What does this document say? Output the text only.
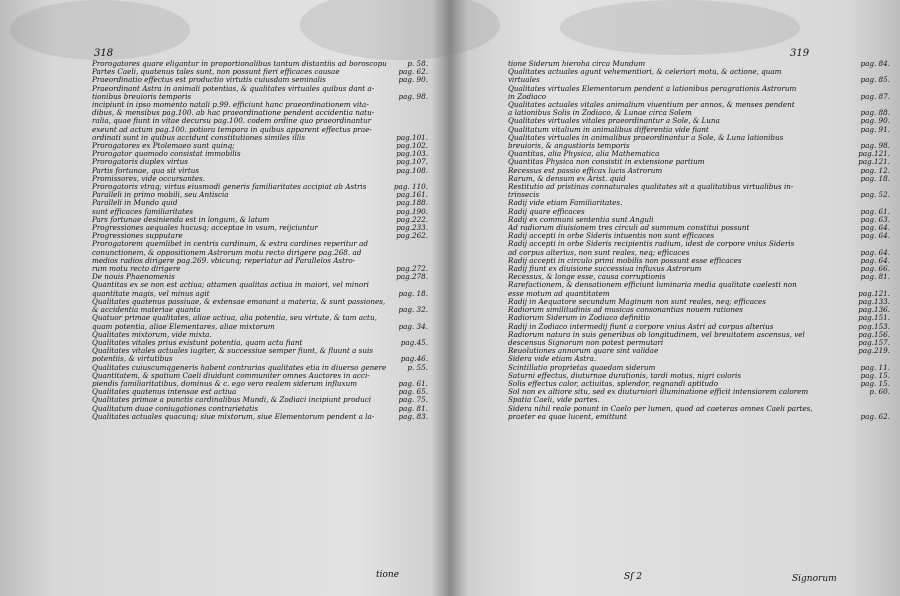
318
Prorogatores quare eligantur in proportionalibus tantum distantiis ad boroscopu	p. 58.
Partes Caeli, quatenus tales sunt, non possunt fieri efficaces causae	pag. 62.
Praeordinatio effectus est productio virtutis cuiusdam seminalis	pag. 90.
Praeordinant Astra in animali potentias, & qualitates virtuales quibus dant a-
tionibus breuioris temporis	pag. 98.
incipiunt in ipso momento natali p.99. efficiunt hanc praeordinationem vita-
dibus, & mensibus pag.100. ab hac praeordinatione pendent accidentia natu-
ralia, quae fiunt in vitae decursu pag.100. codem ordine quo praeordinantur
exeunt ad actum pag.100. potiora tempora in quibus apparent effectus prae-
ordinati sunt in quibus accidunt constitutiones similes illis	pag.101.
Prorogatores ex Ptolemaeo sunt quinq;	pag.102.
Prorogator quomodo consistat immobilis	pag.103.
Prorogatoris duplex virtus	pag.107.
Partis fortunae, qua sit virtus	pag.108.
Promissores, vide occursantes.
Prorogatoris vtraq; virtus eiusmodi generis familiaritates accipiat ab Astris	pag. 110.
Paralleli in primo mobili, seu Antiscia	pag.161.
Paralleli in Mundo quid	pag.188.
sunt efficaces familiaritates	pag.190.
Pars fortunae desinienda est in longum, & latum	pag.222.
Progressiones aequales hucusq; acceptae in vsum, reijciuntur	pag.233.
Progressiones supputare	pag.262.
Prorogatorem quemlibet in centris cardinum, & extra cardines reperitur ad
conunctionem, & oppositionem Astrorum motu recto dirigere pag.268. ad
medios radios dirigere pag.269. vbicunq; reperiatur ad Parallelos Astro-
rum motu recto dirigere	pag.272.
De nouis Phaenomenis	pag.278.
Quantitas ex se non est actiua; attamen qualitas actiua in maiori, vel minori
quantitate magis, vel minus agit	pag. 18.
Qualitates quatenus passiuae, & extensae emanant a materia, & sunt passiones,
& accidentia materiae quanta	pag. 32.
Quatuor primae qualitates, aliae actiua, alia potentia, seu virtute, & tam actu,
quam potentia, aliae Elementares, aliae mixtorum	pag. 34.
Qualitates mixtorum, vide mixta.
Qualitates vitales prius existunt potentia, quam actu fiant	pag.45.
Qualitates vitales actuales iugiter, & successiue semper fiunt, & fluunt a suis
potentiis, & virtutibus	pag.46.
Qualitates cuiuscumqgeneris habent contrarias qualitates etia in diuerso genere	p. 55.
Quantitatem, & spatium Caeli diuidunt communiter omnes Auctores in acci-
piendis familiaritatibus, dominus & c. ego vero realem siderum influxum	pag. 61.
Qualitates quatenus intensae est actiua	pag. 65.
Qualitates primae a punctis cardinalibus Mundi, & Zodiaci incipiunt produci	pag. 75.
Qualitatum duae coniugationes contrarietatis	pag. 81.
Qualitates actuales quacunq; siue mixtorum, siue Elementorum pendent a la-	pag. 83.
tione
319
tione Siderum hieroha circa Mundum	pag. 84.
Qualitates actuales agunt vehementiori, & celeriori motu, & actione, quam
virtuales	pag. 85.
Qualitates virtuales Elementorum pendent a lationibus peragrationis Astrorum
in Zodiaco	pag. 87.
Qualitates actuales vitales animalium viuentium per annos, & menses pendent
a lationibus Solis in Zodiaco, & Lunae circa Solem	pag. 88.
Qualitates virtuales vitales praeordinantur a Sole, & Luna	pag. 90.
Qualitatum vitalium in animalibus differentia vide fiant	pag. 91.
Qualitates virtuales in animalibus praeordinantur a Sole, & Luna lationibus
breuioris, & angustioris temporis	pag. 98.
Quantitas, alia Physica, alia Mathematica	pag.121.
Quantitas Physica non consistit in extensione partium	pag.121.
Recessus est passio efficax lucis Astrorum	pag. 12.
Rarum, & densum ex Arist. quid	pag. 18.
Restitutio ad pristinas connaturales qualitates sit a qualitatibus virtualibus in-
trinsecis	pag. 52.
Radij vide etiam Familiaritates.
Radij quare efficaces	pag. 61.
Radij ex communi sententia sunt Anguli	pag. 63.
Ad radiorum diuisionem tres circuli ad summum constitui possunt	pag. 64.
Radij accepti in orbe Sideris intuentis non sunt efficaces	pag. 64.
Radij accepti in orbe Sideris recipientis radium, idest de corpore vnius Sideris
ad corpus alterius, non sunt reales, neq; efficaces	pag. 64.
Radij accepti in circulo primi mobilis non possunt esse efficaces	pag. 64.
Radij fiunt ex diuisione successiua influxus Astrorum	pag. 66.
Recessus, & longe esse, causa corruptionis	pag. 81.
Rarefactionem, & densationem efficiunt luminaria media qualitate caelesti non
esse motum ad quantitatem	pag.121.
Radij in Aequatore secundum Maginum non sunt reales, neq; efficaces	pag.133.
Radiorum similitudinis ad musicas consonantias nouem rationes	pag.136.
Radiorum Siderum in Zodiaco definitio	pag.151.
Radij in Zodiaco intermedij fiunt a corpore vnius Astri ad corpus alterius	pag.153.
Radiorum natura in suis generibus ob longitudinem, vel breuitatem ascensus, vel	pag.156.
descensus Signorum non potest permutari	pag.157.
Reuolutiones annorum quare sint validae	pag.219.
Sidera vide etiam Astra.
Scintillatio proprietas quaedam siderum	pag. 11.
Saturni effectus, diuturnae durationis, tardi motus, nigri coloris	pag. 15.
Solis effectus calor, actiuitas, splendor, regnandi aptitudo	pag. 15.
Sol non ex altiore situ, sed ex diuturniori illuminatione efficit intensiorem calorem	p. 60.
Spatia Caeli, vide partes.
Sidera nihil reale ponunt in Caelo per lumen, quod ad caeteras omnes Caeli partes,
praeter ea quae lucent, emittunt	pag. 62.
Sſ 2	Signorum
